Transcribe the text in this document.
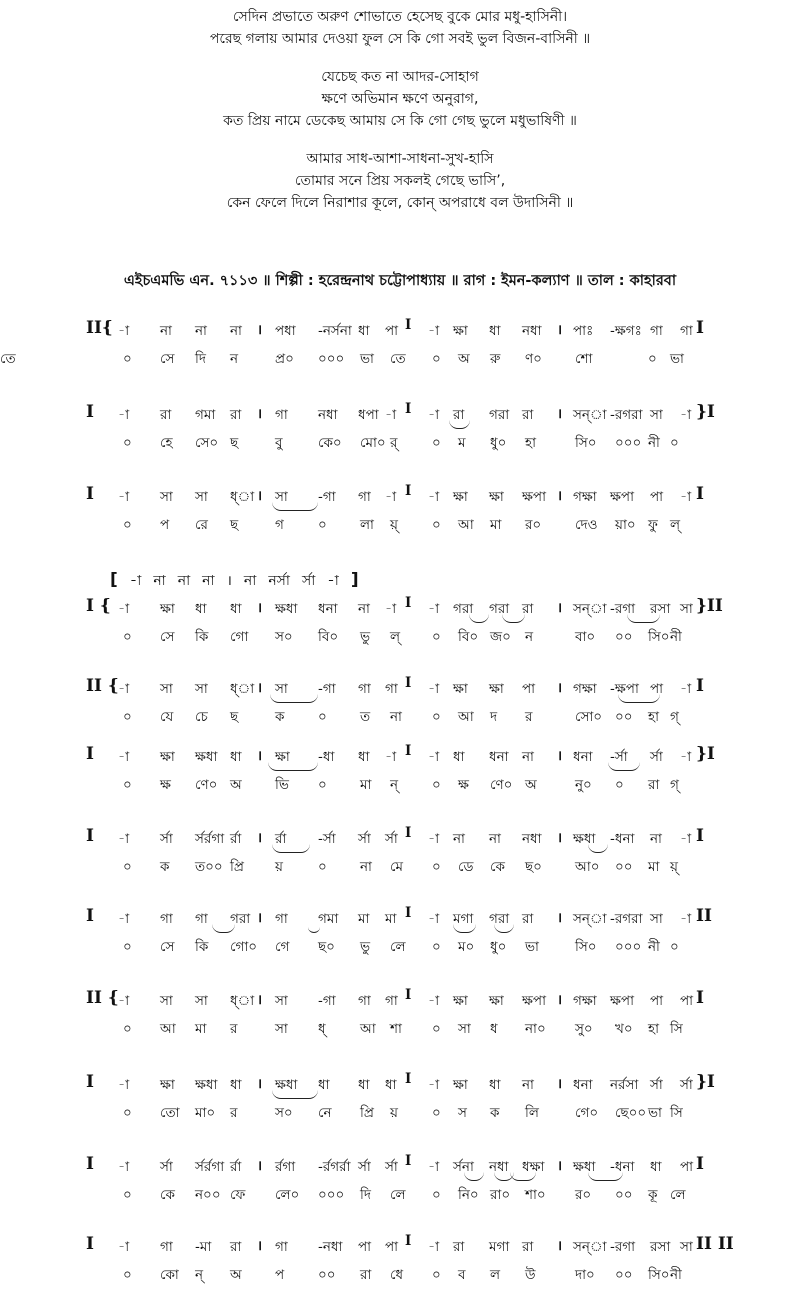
সেদিন প্রভাতে অরুণ শোভাতে হেসেছ বুকে মোর মধু-হাসিনী।
পরেছ গলায় আমার দেওয়া ফুল সে কি গো সবই ভুল বিজন-বাসিনী ॥
যেচেছ কত না আদর-সোহাগ
ক্ষণে অভিমান ক্ষণে অনুরাগ,
কত প্রিয় নামে ডেকেছ আমায় সে কি গো গেছ ভুলে মধুভাষিণী ॥
আমার সাধ-আশা-সাধনা-সুখ-হাসি
তোমার সনে প্রিয় সকলই গেছে ভাসি’,
কেন ফেলে দিলে নিরাশার কূলে, কোন্ অপরাধে বল উদাসিনী ॥
এইচএমভি এন. ৭১১৩ ॥ শিল্পী : হরেন্দ্রনাথ চট্টোপাধ্যায় ॥ রাগ : ইমন-কল্যাণ ॥ তাল : কাহারবা
[ -া না না না । না নর্সা র্সা -া ]
II{ -া না না না । পধা -নর্সনা ধা পা I -া ক্ষা ধা নধা । পাঃ -ক্ষগঃ গা গা I
০ সে দি ন	প্র০ ০০০ ভা তে ০ অ রু ণ০ শো	০ ভা
তে
I -া রা গমা রা । গা নধা ধপা -া I -া রা গরা রা । সন্া -রগরা সা -া }I
০ হে সে০ ছ	বু	কে০ মো০ র্	০ ম ধু০ হা	সি০ ০০০ নী ০
I -া সা সা ধ্া । সা -গা গা -া I -া ক্ষা ক্ষা ক্ষপা । গক্ষা ক্ষপা পা -া I
০ প রে ছ	গ	০ লা য়্	০ আ মা র০	দেও য়া০ ফু ল্
I { -া ক্ষা ধা ধা । ক্ষধা ধনা না -া I -া গরা গরা রা । সন্া -রগা রসা সা }II
০ সে কি গো স০ বি০ ভু ল্ ০ বি০ জ০ ন	বা০ ০০ সি০ নী
II { -া সা সা ধ্া । সা -গা গা গা I -া ক্ষা ক্ষা পা । গক্ষা -ক্ষপা পা -া I
০ যে চে ছ	ক ০ ত না ০ আ দ র	সো০ ০০ হা গ্
I -া ক্ষা ক্ষধা ধা । ক্ষা -ধা ধা -া I -া ধা ধনা না । ধনা -র্সা র্সা -া }I
০ ক্ষ ণে০ অ ভি ০ মা ন্	০ ক্ষ ণে০ অ	নু০ ০ রা গ্
I -া র্সা র্সর্রগা র্রা । র্রা -র্সা র্সা র্সা I -া না না নধা । ক্ষধা -ধনা না -া I
০ ক ত০০ প্রি য়	০ না মে ০ ডে কে ছ০ আ০ ০০ মা য়্
I -া গা গা গরা । গা গমা মা মা I -া মগা গরা রা । সন্া -রগরা সা -া II
০ সে কি গো০ গে ছ০ ভু লে ০ ম০ ধু০ ভা	সি০ ০০০ নী ০
II { -া সা সা ধ্া । সা -গা গা গা I -া ক্ষা ক্ষা ক্ষপা । গক্ষা ক্ষপা পা পা I
০ আ মা র	সা ধ্	আ শা ০ সা ধ না০ সু০ খ০ হা সি
I -া ক্ষা ক্ষধা ধা । ক্ষধা ধা ধা ধা I -া ক্ষা ধা না । ধনা নর্রসা র্সা র্সা }I
০ তো মা০ র	স০ নে প্রি য়	০ স ক লি	গে০ ছে০০ ভা সি
I -া র্সা র্সর্রগা র্রা । র্রগা -র্রগর্রা র্সা র্সা I -া র্সনা নধা ধক্ষা । ক্ষধা -ধনা ধা পা I
০ কে ন০০ ফে লে০ ০০০ দি লে ০ নি০ রা০ শা০ র০ ০০ কূ লে
I -া গা -মা রা । গা -নধা পা পা I -া রা মগা রা । সন্া -রগা রসা সা II II
০ কো ন্ অ প	০০ রা ধে ০ ব ল উ	দা০ ০০ সি০ নী
